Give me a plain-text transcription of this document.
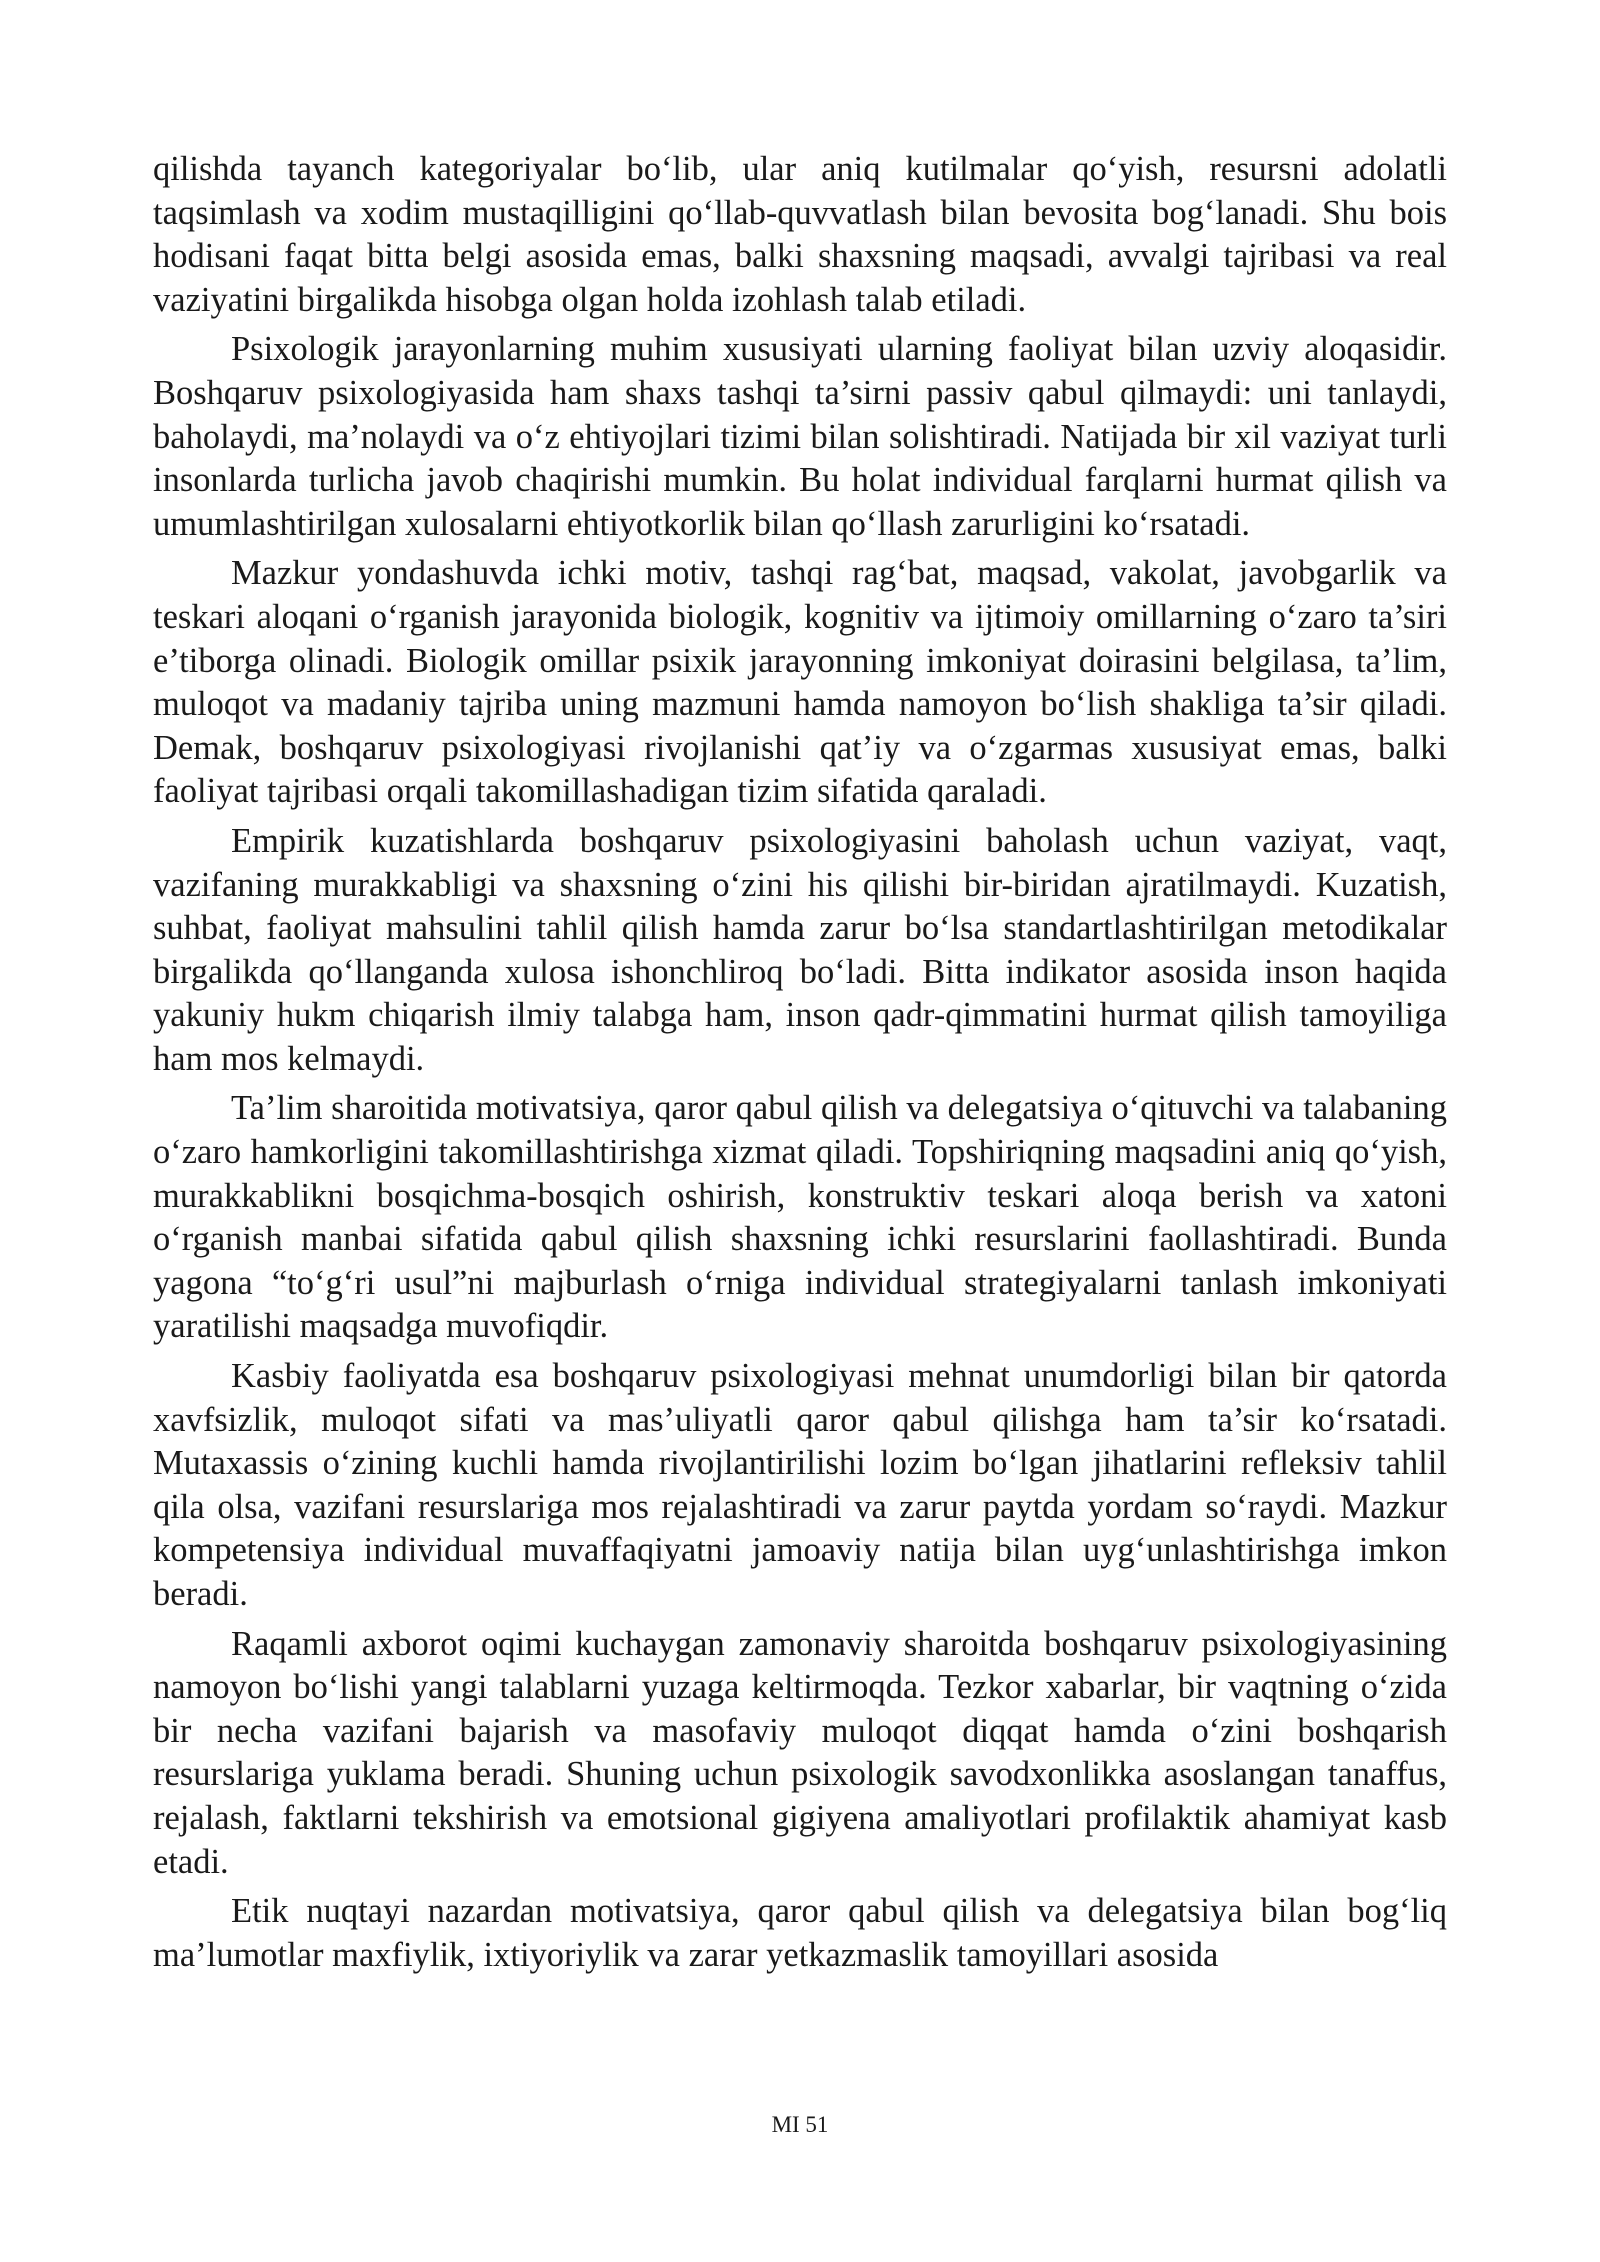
qilishda tayanch kategoriyalar bo‘lib, ular aniq kutilmalar qo‘yish, resursni adolatli taqsimlash va xodim mustaqilligini qo‘llab-quvvatlash bilan bevosita bog‘lanadi. Shu bois hodisani faqat bitta belgi asosida emas, balki shaxsning maqsadi, avvalgi tajribasi va real vaziyatini birgalikda hisobga olgan holda izohlash talab etiladi.

Psixologik jarayonlarning muhim xususiyati ularning faoliyat bilan uzviy aloqasidir. Boshqaruv psixologiyasida ham shaxs tashqi ta’sirni passiv qabul qilmaydi: uni tanlaydi, baholaydi, ma’nolaydi va o‘z ehtiyojlari tizimi bilan solishtiradi. Natijada bir xil vaziyat turli insonlarda turlicha javob chaqirishi mumkin. Bu holat individual farqlarni hurmat qilish va umumlashtirilgan xulosalarni ehtiyotkorlik bilan qo‘llash zarurligini ko‘rsatadi.

Mazkur yondashuvda ichki motiv, tashqi rag‘bat, maqsad, vakolat, javobgarlik va teskari aloqani o‘rganish jarayonida biologik, kognitiv va ijtimoiy omillarning o‘zaro ta’siri e’tiborga olinadi. Biologik omillar psixik jarayonning imkoniyat doirasini belgilasa, ta’lim, muloqot va madaniy tajriba uning mazmuni hamda namoyon bo‘lish shakliga ta’sir qiladi. Demak, boshqaruv psixologiyasi rivojlanishi qat’iy va o‘zgarmas xususiyat emas, balki faoliyat tajribasi orqali takomillashadigan tizim sifatida qaraladi.

Empirik kuzatishlarda boshqaruv psixologiyasini baholash uchun vaziyat, vaqt, vazifaning murakkabligi va shaxsning o‘zini his qilishi bir-biridan ajratilmaydi. Kuzatish, suhbat, faoliyat mahsulini tahlil qilish hamda zarur bo‘lsa standartlashtirilgan metodikalar birgalikda qo‘llanganda xulosa ishonchliroq bo‘ladi. Bitta indikator asosida inson haqida yakuniy hukm chiqarish ilmiy talabga ham, inson qadr-qimmatini hurmat qilish tamoyiliga ham mos kelmaydi.

Ta’lim sharoitida motivatsiya, qaror qabul qilish va delegatsiya o‘qituvchi va talabaning o‘zaro hamkorligini takomillashtirishga xizmat qiladi. Topshiriqning maqsadini aniq qo‘yish, murakkablikni bosqichma-bosqich oshirish, konstruktiv teskari aloqa berish va xatoni o‘rganish manbai sifatida qabul qilish shaxsning ichki resurslarini faollashtiradi. Bunda yagona “to‘g‘ri usul”ni majburlash o‘rniga individual strategiyalarni tanlash imkoniyati yaratilishi maqsadga muvofiqdir.

Kasbiy faoliyatda esa boshqaruv psixologiyasi mehnat unumdorligi bilan bir qatorda xavfsizlik, muloqot sifati va mas’uliyatli qaror qabul qilishga ham ta’sir ko‘rsatadi. Mutaxassis o‘zining kuchli hamda rivojlantirilishi lozim bo‘lgan jihatlarini refleksiv tahlil qila olsa, vazifani resurslariga mos rejalashtiradi va zarur paytda yordam so‘raydi. Mazkur kompetensiya individual muvaffaqiyatni jamoaviy natija bilan uyg‘unlashtirishga imkon beradi.

Raqamli axborot oqimi kuchaygan zamonaviy sharoitda boshqaruv psixologiyasining namoyon bo‘lishi yangi talablarni yuzaga keltirmoqda. Tezkor xabarlar, bir vaqtning o‘zida bir necha vazifani bajarish va masofaviy muloqot diqqat hamda o‘zini boshqarish resurslariga yuklama beradi. Shuning uchun psixologik savodxonlikka asoslangan tanaffus, rejalash, faktlarni tekshirish va emotsional gigiyena amaliyotlari profilaktik ahamiyat kasb etadi.

Etik nuqtayi nazardan motivatsiya, qaror qabul qilish va delegatsiya bilan bog‘liq ma’lumotlar maxfiylik, ixtiyoriylik va zarar yetkazmaslik tamoyillari asosida

MI 51
